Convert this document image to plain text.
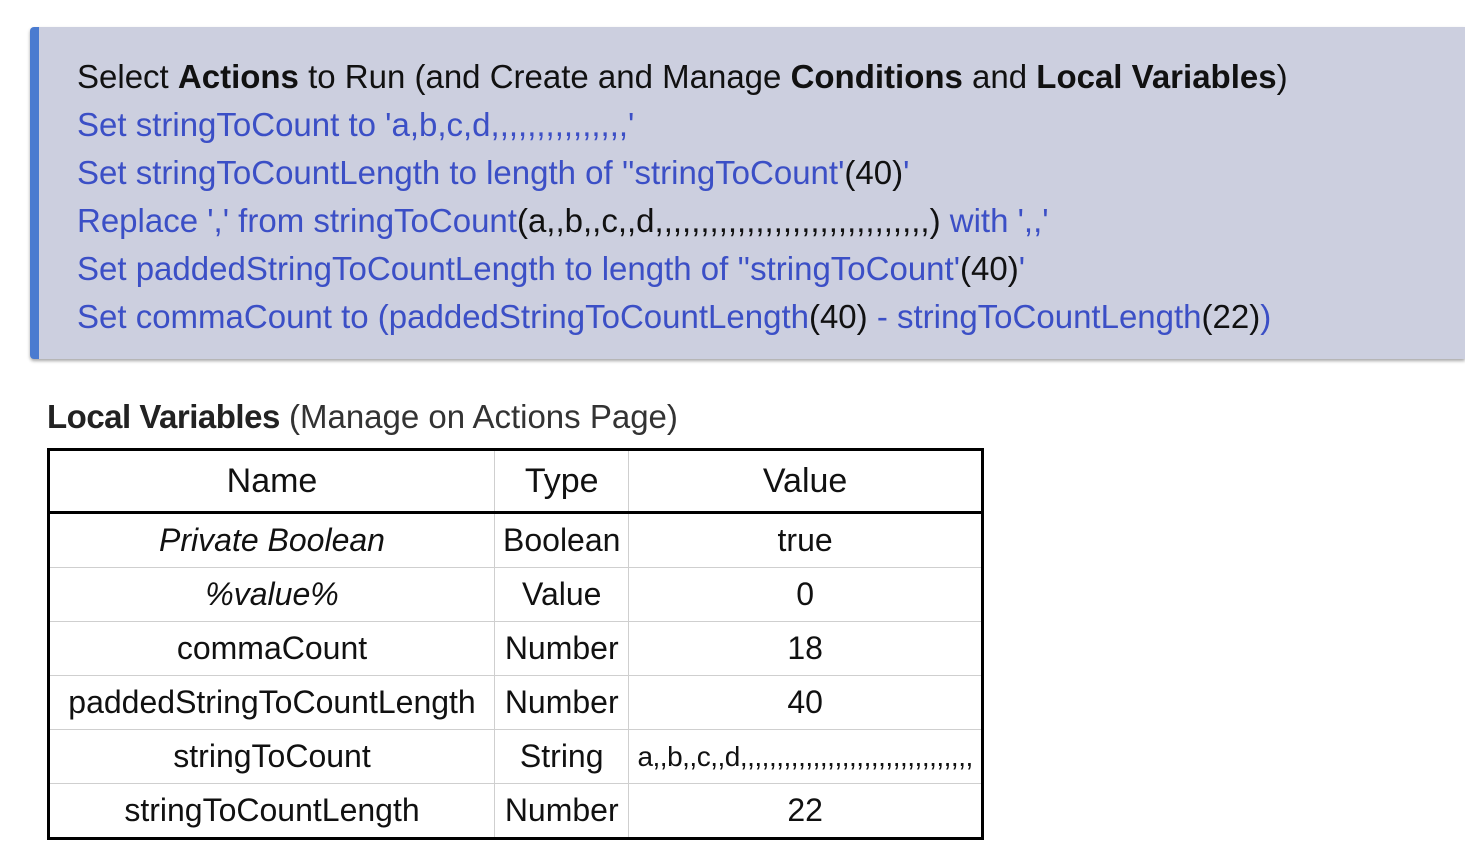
Select Actions to Run (and Create and Manage Conditions and Local Variables)
Set stringToCount to 'a,b,c,d,,,,,,,,,,,,,,,'
Set stringToCountLength to length of ''stringToCount'(40)'
Replace ',' from stringToCount(a,,b,,c,,d,,,,,,,,,,,,,,,,,,,,,,,,,,,,,,) with ',,'
Set paddedStringToCountLength to length of ''stringToCount'(40)'
Set commaCount to (paddedStringToCountLength(40) - stringToCountLength(22))
Local Variables (Manage on Actions Page)
Name	Type	Value
Private Boolean	Boolean	true
%value%	Value	0
commaCount	Number	18
paddedStringToCountLength	Number	40
stringToCount	String	a,,b,,c,,d,,,,,,,,,,,,,,,,,,,,,,,,,,,,,,,,
stringToCountLength	Number	22
